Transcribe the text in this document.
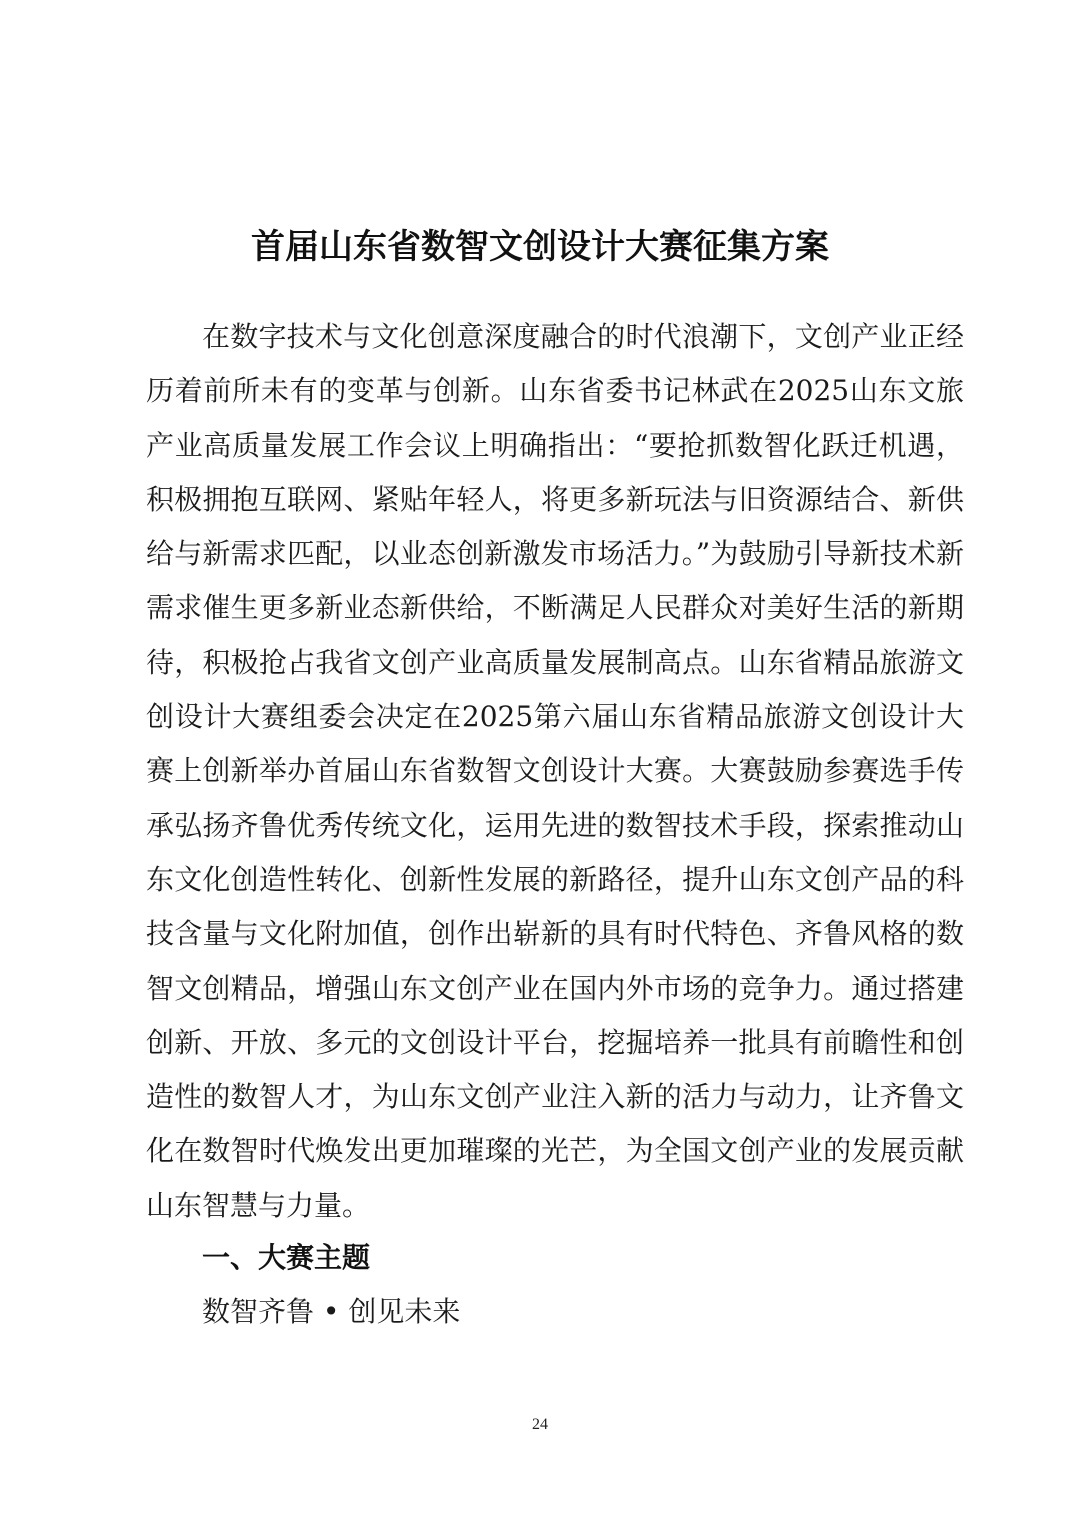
首届山东省数智文创设计大赛征集方案

在数字技术与文化创意深度融合的时代浪潮下，文创产业正经历着前所未有的变革与创新。山东省委书记林武在2025山东文旅产业高质量发展工作会议上明确指出：“要抢抓数智化跃迁机遇，积极拥抱互联网、紧贴年轻人，将更多新玩法与旧资源结合、新供给与新需求匹配，以业态创新激发市场活力。”为鼓励引导新技术新需求催生更多新业态新供给，不断满足人民群众对美好生活的新期待，积极抢占我省文创产业高质量发展制高点。山东省精品旅游文创设计大赛组委会决定在2025第六届山东省精品旅游文创设计大赛上创新举办首届山东省数智文创设计大赛。大赛鼓励参赛选手传承弘扬齐鲁优秀传统文化，运用先进的数智技术手段，探索推动山东文化创造性转化、创新性发展的新路径，提升山东文创产品的科技含量与文化附加值，创作出崭新的具有时代特色、齐鲁风格的数智文创精品，增强山东文创产业在国内外市场的竞争力。通过搭建创新、开放、多元的文创设计平台，挖掘培养一批具有前瞻性和创造性的数智人才，为山东文创产业注入新的活力与动力，让齐鲁文化在数智时代焕发出更加璀璨的光芒，为全国文创产业的发展贡献山东智慧与力量。

一、大赛主题

数智齐鲁 • 创见未来

24
